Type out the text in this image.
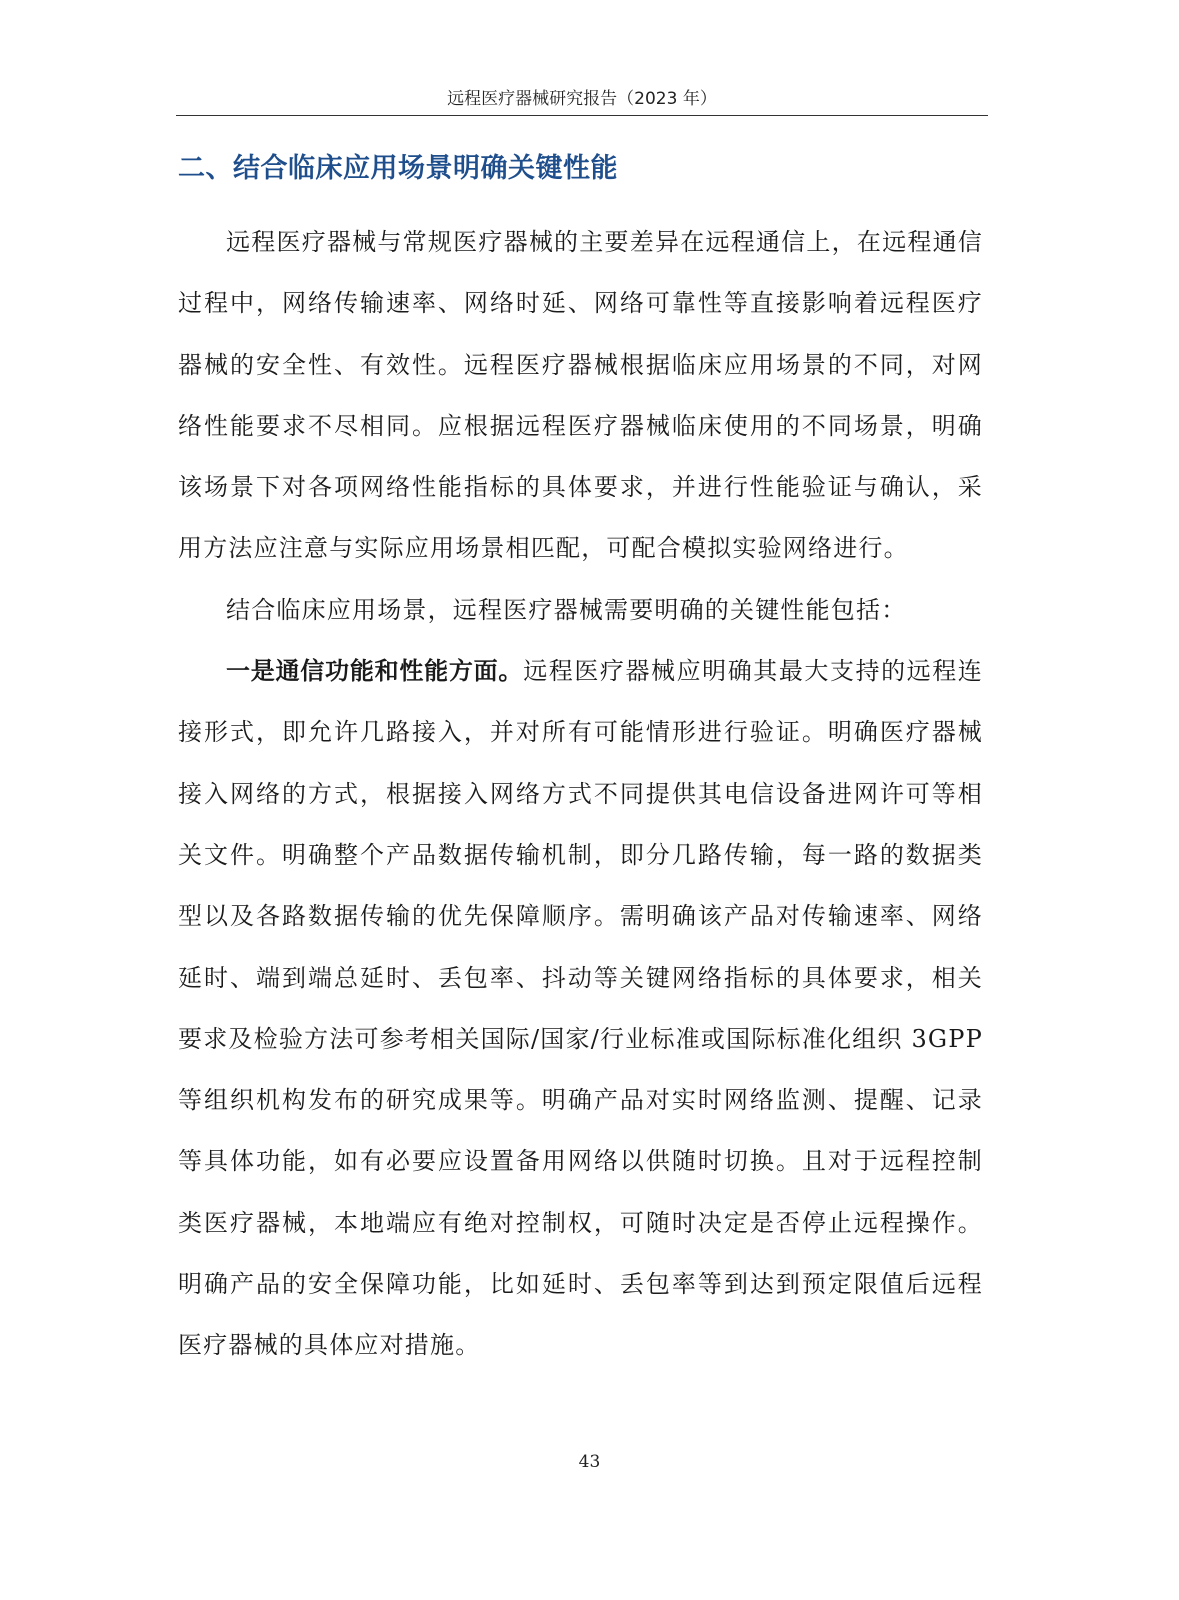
远程医疗器械研究报告（2023 年）
二、结合临床应用场景明确关键性能

远程医疗器械与常规医疗器械的主要差异在远程通信上，在远程通信过程中，网络传输速率、网络时延、网络可靠性等直接影响着远程医疗器械的安全性、有效性。远程医疗器械根据临床应用场景的不同，对网络性能要求不尽相同。应根据远程医疗器械临床使用的不同场景，明确该场景下对各项网络性能指标的具体要求，并进行性能验证与确认，采用方法应注意与实际应用场景相匹配，可配合模拟实验网络进行。

结合临床应用场景，远程医疗器械需要明确的关键性能包括：

一是通信功能和性能方面。远程医疗器械应明确其最大支持的远程连接形式，即允许几路接入，并对所有可能情形进行验证。明确医疗器械接入网络的方式，根据接入网络方式不同提供其电信设备进网许可等相关文件。明确整个产品数据传输机制，即分几路传输，每一路的数据类型以及各路数据传输的优先保障顺序。需明确该产品对传输速率、网络延时、端到端总延时、丢包率、抖动等关键网络指标的具体要求，相关要求及检验方法可参考相关国际/国家/行业标准或国际标准化组织 3GPP 等组织机构发布的研究成果等。明确产品对实时网络监测、提醒、记录等具体功能，如有必要应设置备用网络以供随时切换。且对于远程控制类医疗器械，本地端应有绝对控制权，可随时决定是否停止远程操作。明确产品的安全保障功能，比如延时、丢包率等到达到预定限值后远程医疗器械的具体应对措施。

43
